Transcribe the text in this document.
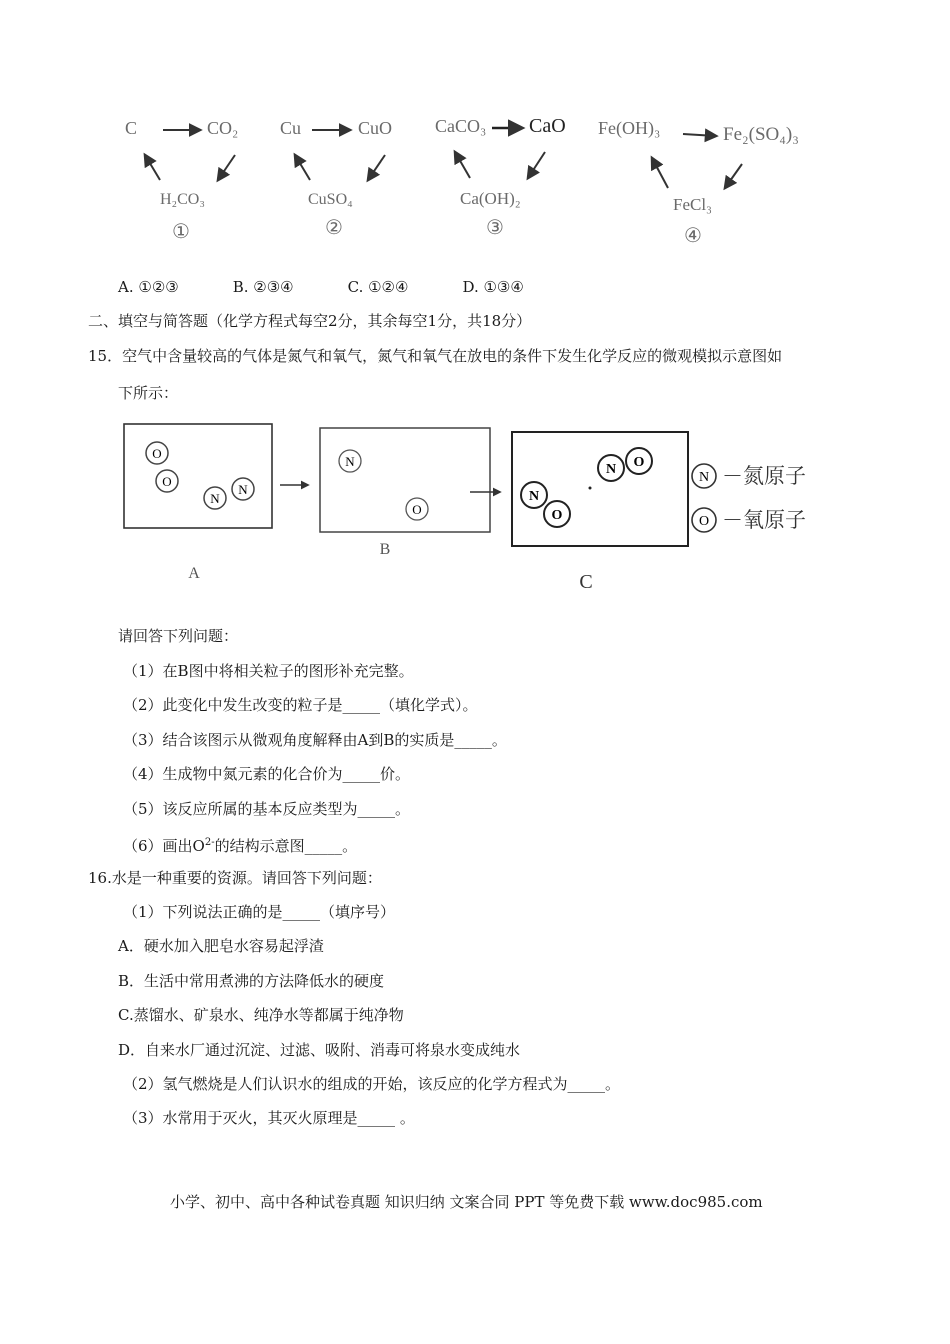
C	CO₂
H₂CO₃
①
Cu	CuO
CuSO₄
②
CaCO₃ CaO
Ca(OH)₂
③
Fe(OH)₃	Fe₂(SO₄)₃
FeCl₃
④
A. ①②③	B. ②③④	C. ①②④	D. ①③④
二、填空与简答题（化学方程式每空2分，其余每空1分，共18分）
15．空气中含量较高的气体是氮气和氧气，氮气和氧气在放电的条件下发生化学反应的微观模拟示意图如
下所示：
O
O
N
N
N
O
N
O
N O
N －氮原子
O －氧原子
A
B
C
请回答下列问题：
（1）在B图中将相关粒子的图形补充完整。
（2）此变化中发生改变的粒子是_____（填化学式）。
（3）结合该图示从微观角度解释由A到B的实质是_____。
（4）生成物中氮元素的化合价为_____价。
（5）该反应所属的基本反应类型为_____。
（6）画出$O^{2-}$的结构示意图_____。
16.水是一种重要的资源。请回答下列问题：
（1）下列说法正确的是_____（填序号）
A．硬水加入肥皂水容易起浮渣
B．生活中常用煮沸的方法降低水的硬度
C.蒸馏水、矿泉水、纯净水等都属于纯净物
D．自来水厂通过沉淀、过滤、吸附、消毒可将泉水变成纯水
（2）氢气燃烧是人们认识水的组成的开始，该反应的化学方程式为_____。
（3）水常用于灭火，其灭火原理是_____ 。
小学、初中、高中各种试卷真题 知识归纳 文案合同 PPT 等免费下载 www.doc985.com
